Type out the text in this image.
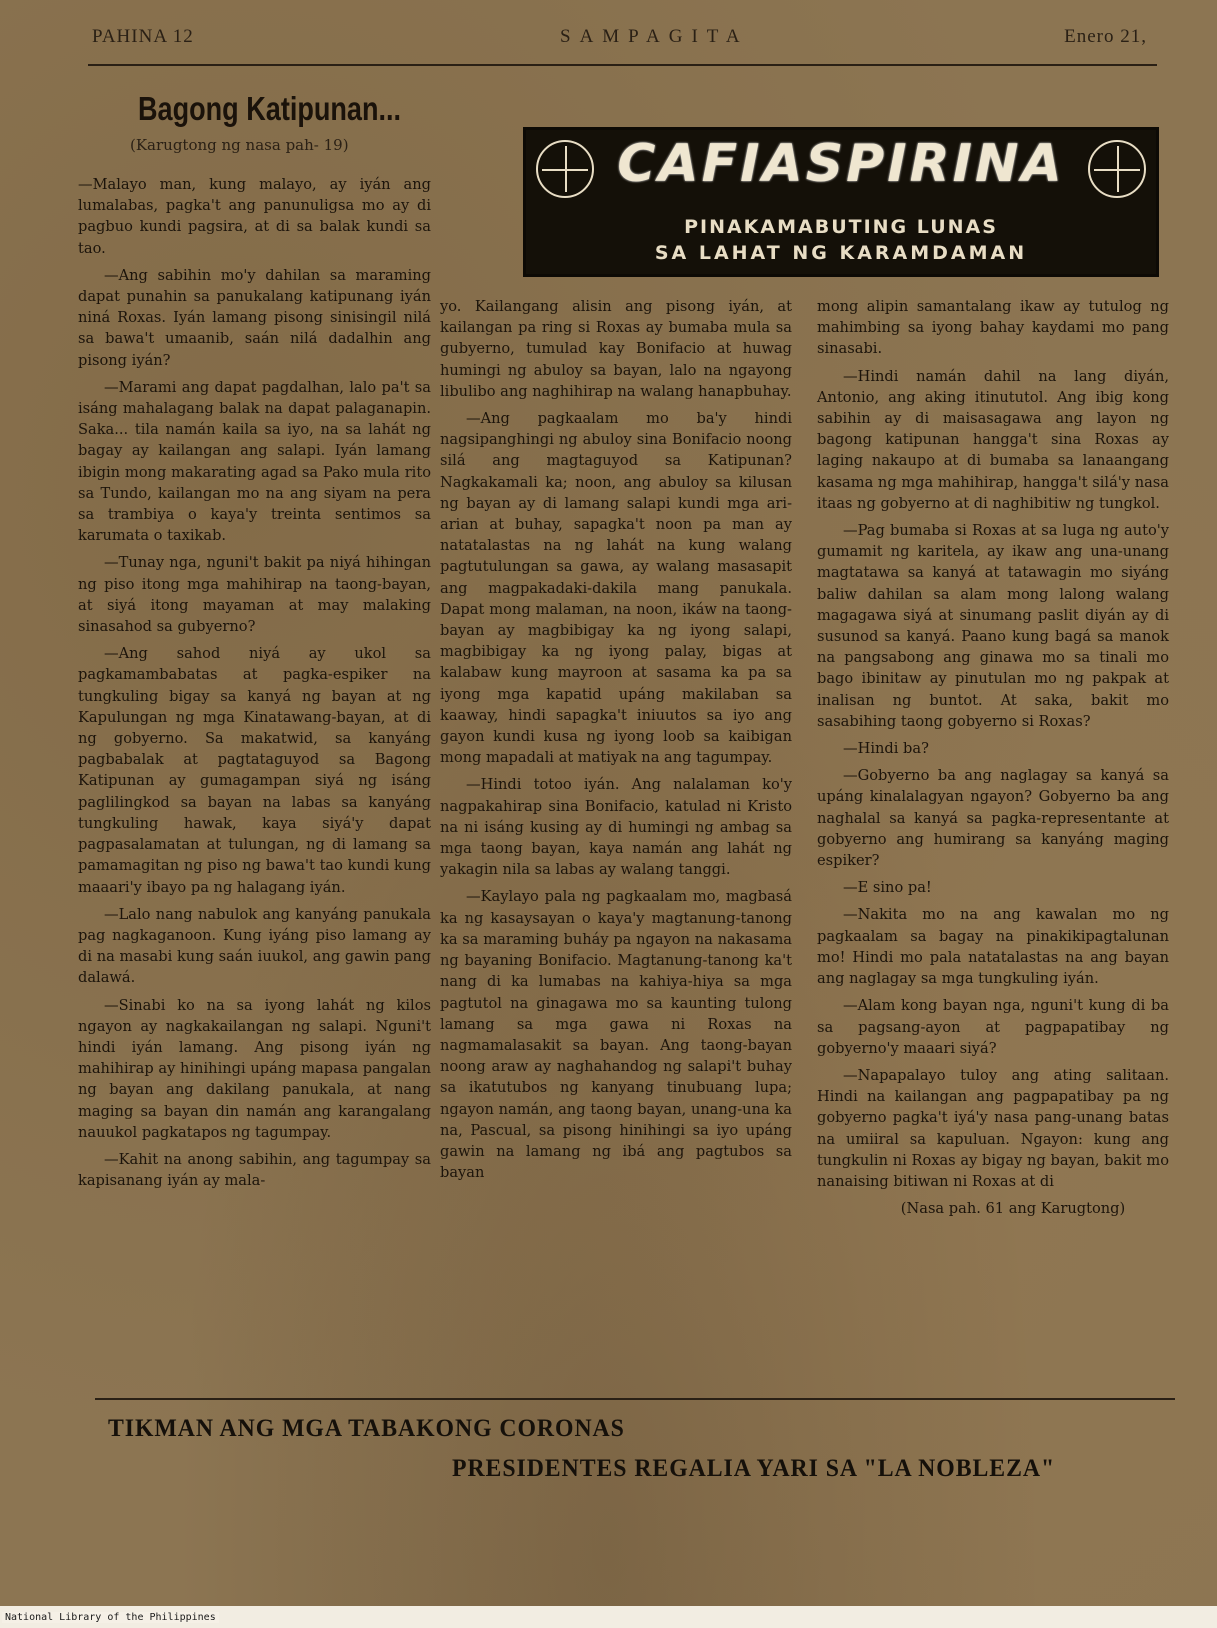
PAHINA 12	SAMPAGITA	Enero 21,
Bagong Katipunan...
(Karugtong ng nasa pah- 19)	CAFIASPIRINA
PINAKAMABUTING LUNAS
SA LAHAT NG KARAMDAMAN

—Malayo man, kung malayo, ay iyán ang lumalabas, pagka't ang panunuligsa mo ay di pagbuo kundi pagsira, at di sa balak kundi sa tao.

—Ang sabihin mo'y dahilan sa maraming dapat punahin sa panukalang katipunang iyán niná Roxas. Iyán lamang pisong sinisingil nilá sa bawa't umaanib, saán nilá dadalhin ang pisong iyán?

—Marami ang dapat pagdalhan, lalo pa't sa isáng mahalagang balak na dapat palaganapin. Saka... tila namán kaila sa iyo, na sa lahát ng bagay ay kailangan ang salapi. Iyán lamang ibigin mong makarating agad sa Pako mula rito sa Tundo, kailangan mo na ang siyam na pera sa trambiya o kaya'y treinta sentimos sa karumata o taxikab.

—Tunay nga, nguni't bakit pa niyá hihingan ng piso itong mga mahihirap na taong-bayan, at siyá itong mayaman at may malaking sinasahod sa gubyerno?

—Ang sahod niyá ay ukol sa pagkamambabatas at pagka-espiker na tungkuling bigay sa kanyá ng bayan at ng Kapulungan ng mga Kinatawang-bayan, at di ng gobyerno. Sa makatwid, sa kanyáng pagbabalak at pagtataguyod sa Bagong Katipunan ay gumagampan siyá ng isáng paglilingkod sa bayan na labas sa kanyáng tungkuling hawak, kaya siyá'y dapat pagpasalamatan at tulungan, ng di lamang sa pamamagitan ng piso ng bawa't tao kundi kung maaari'y ibayo pa ng halagang iyán.

—Lalo nang nabulok ang kanyáng panukala pag nagkaganoon. Kung iyáng piso lamang ay di na masabi kung saán iuukol, ang gawin pang dalawá.

—Sinabi ko na sa iyong lahát ng kilos ngayon ay nagkakailangan ng salapi. Nguni't hindi iyán lamang. Ang pisong iyán ng mahihirap ay hinihingi upáng mapasa pangalan ng bayan ang dakilang panukala, at nang maging sa bayan din namán ang karangalang nauukol pagkatapos ng tagumpay.

—Kahit na anong sabihin, ang tagumpay sa kapisanang iyán ay mala-

yo. Kailangang alisin ang pisong iyán, at kailangan pa ring si Roxas ay bumaba mula sa gubyerno, tumulad kay Bonifacio at huwag humingi ng abuloy sa bayan, lalo na ngayong libulibo ang naghihirap na walang hanapbuhay.

—Ang pagkaalam mo ba'y hindi nagsipanghingi ng abuloy sina Bonifacio noong silá ang magtaguyod sa Katipunan? Nagkakamali ka; noon, ang abuloy sa kilusan ng bayan ay di lamang salapi kundi mga ari-arian at buhay, sapagka't noon pa man ay natatalastas na ng lahát na kung walang pagtutulungan sa gawa, ay walang masasapit ang magpakadaki-dakila mang panukala. Dapat mong malaman, na noon, ikáw na taong-bayan ay magbibigay ka ng iyong salapi, magbibigay ka ng iyong palay, bigas at kalabaw kung mayroon at sasama ka pa sa iyong mga kapatid upáng makilaban sa kaaway, hindi sapagka't iniuutos sa iyo ang gayon kundi kusa ng iyong loob sa kaibigan mong mapadali at matiyak na ang tagumpay.

—Hindi totoo iyán. Ang nalalaman ko'y nagpakahirap sina Bonifacio, katulad ni Kristo na ni isáng kusing ay di humingi ng ambag sa mga taong bayan, kaya namán ang lahát ng yakagin nila sa labas ay walang tanggi.

—Kaylayo pala ng pagkaalam mo, magbasá ka ng kasaysayan o kaya'y magtanung-tanong ka sa maraming buháy pa ngayon na nakasama ng bayaning Bonifacio. Magtanung-tanong ka't nang di ka lumabas na kahiya-hiya sa mga pagtutol na ginagawa mo sa kaunting tulong lamang sa mga gawa ni Roxas na nagmamalasakit sa bayan. Ang taong-bayan noong araw ay naghahandog ng salapi't buhay sa ikatutubos ng kanyang tinubuang lupa; ngayon namán, ang taong bayan, unang-una ka na, Pascual, sa pisong hinihingi sa iyo upáng gawin na lamang ng ibá ang pagtubos sa bayan

mong alipin samantalang ikaw ay tutulog ng mahimbing sa iyong bahay kaydami mo pang sinasabi.

—Hindi namán dahil na lang diyán, Antonio, ang aking itinututol. Ang ibig kong sabihin ay di maisasagawa ang layon ng bagong katipunan hangga't sina Roxas ay laging nakaupo at di bumaba sa lanaangang kasama ng mga mahihirap, hangga't silá'y nasa itaas ng gobyerno at di naghibitiw ng tungkol.

—Pag bumaba si Roxas at sa luga ng auto'y gumamit ng karitela, ay ikaw ang una-unang magtatawa sa kanyá at tatawagin mo siyáng baliw dahilan sa alam mong lalong walang magagawa siyá at sinumang paslit diyán ay di susunod sa kanyá. Paano kung bagá sa manok na pangsabong ang ginawa mo sa tinali mo bago ibinitaw ay pinutulan mo ng pakpak at inalisan ng buntot. At saka, bakit mo sasabihing taong gobyerno si Roxas?

—Hindi ba?

—Gobyerno ba ang naglagay sa kanyá sa upáng kinalalagyan ngayon? Gobyerno ba ang naghalal sa kanyá sa pagka-representante at gobyerno ang humirang sa kanyáng maging espiker?

—E sino pa!

—Nakita mo na ang kawalan mo ng pagkaalam sa bagay na pinakikipagtalunan mo! Hindi mo pala natatalastas na ang bayan ang naglagay sa mga tungkuling iyán.

—Alam kong bayan nga, nguni't kung di ba sa pagsang-ayon at pagpapatibay ng gobyerno'y maaari siyá?

—Napapalayo tuloy ang ating salitaan. Hindi na kailangan ang pagpapatibay pa ng gobyerno pagka't iyá'y nasa pang-unang batas na umiiral sa kapuluan. Ngayon: kung ang tungkulin ni Roxas ay bigay ng bayan, bakit mo nanaising bitiwan ni Roxas at di

(Nasa pah. 61 ang Karugtong)

TIKMAN ANG MGA TABAKONG CORONAS
PRESIDENTES REGALIA YARI SA "LA NOBLEZA"
National Library of the Philippines
